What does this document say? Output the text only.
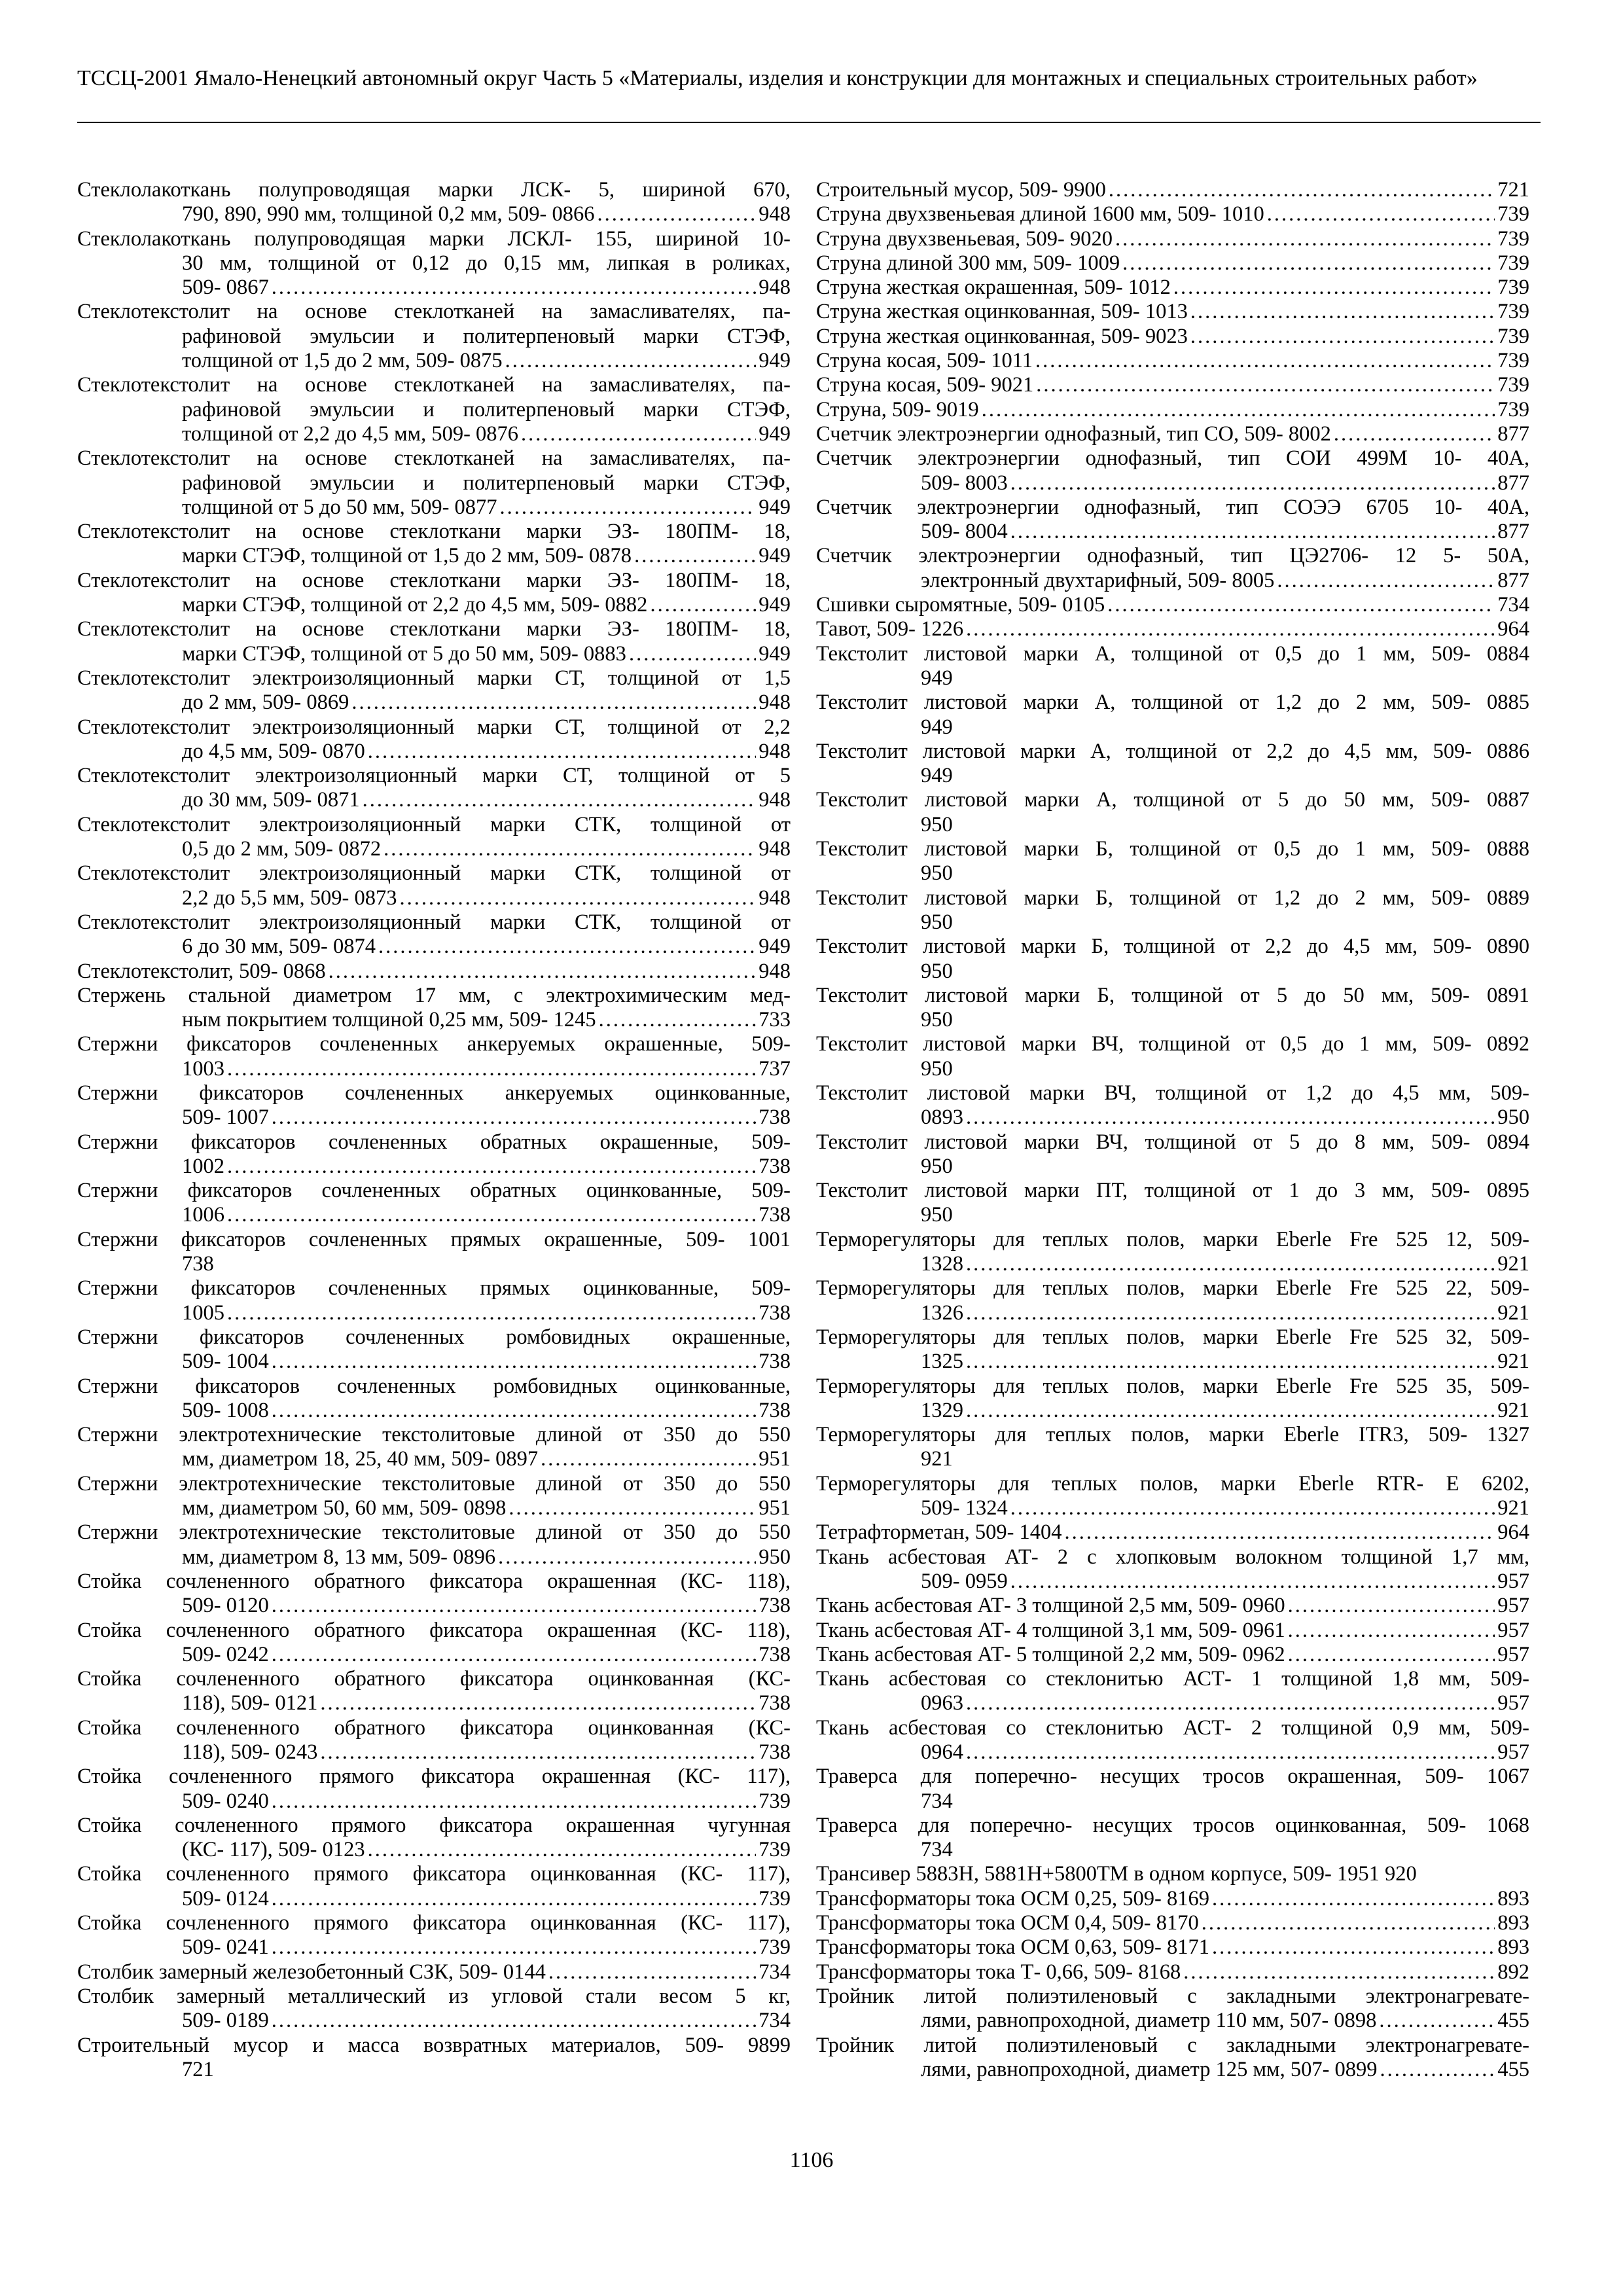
ТССЦ-2001 Ямало-Ненецкий автономный округ Часть 5 «Материалы, изделия и конструкции для монтажных и специальных строительных работ»
Стеклолакоткань полупроводящая марки ЛСК- 5, шириной 670,
790, 890, 990 мм, толщиной 0,2 мм, 509- 0866 .....	948
Стеклолакоткань полупроводящая марки ЛСКЛ- 155, шириной 10-
30 мм, толщиной от 0,12 до 0,15 мм, липкая в роликах,
509- 0867 .....	948
Стеклотекстолит на основе стеклотканей на замасливателях, па-
рафиновой эмульсии и политерпеновый марки СТЭФ,
толщиной от 1,5 до 2 мм, 509- 0875 .....	949
Стеклотекстолит на основе стеклотканей на замасливателях, па-
рафиновой эмульсии и политерпеновый марки СТЭФ,
толщиной от 2,2 до 4,5 мм, 509- 0876 .....	949
Стеклотекстолит на основе стеклотканей на замасливателях, па-
рафиновой эмульсии и политерпеновый марки СТЭФ,
толщиной от 5 до 50 мм, 509- 0877 .....	949
Стеклотекстолит на основе стеклоткани марки ЭЗ- 180ПМ- 18,
марки СТЭФ, толщиной от 1,5 до 2 мм, 509- 0878 .....	949
Стеклотекстолит на основе стеклоткани марки ЭЗ- 180ПМ- 18,
марки СТЭФ, толщиной от 2,2 до 4,5 мм, 509- 0882 .....	949
Стеклотекстолит на основе стеклоткани марки ЭЗ- 180ПМ- 18,
марки СТЭФ, толщиной от 5 до 50 мм, 509- 0883 .....	949
Стеклотекстолит электроизоляционный марки СТ, толщиной от 1,5
до 2 мм, 509- 0869 .....	948
Стеклотекстолит электроизоляционный марки СТ, толщиной от 2,2
до 4,5 мм, 509- 0870 .....	948
Стеклотекстолит электроизоляционный марки СТ, толщиной от 5
до 30 мм, 509- 0871 .....	948
Стеклотекстолит электроизоляционный марки СТК, толщиной от
0,5 до 2 мм, 509- 0872 .....	948
Стеклотекстолит электроизоляционный марки СТК, толщиной от
2,2 до 5,5 мм, 509- 0873 .....	948
Стеклотекстолит электроизоляционный марки СТК, толщиной от
6 до 30 мм, 509- 0874 .....	949
Стеклотекстолит, 509- 0868 .....	948
Стержень стальной диаметром 17 мм, с электрохимическим мед-
ным покрытием толщиной 0,25 мм, 509- 1245 .....	733
Стержни фиксаторов сочлененных анкеруемых окрашенные, 509-
1003 .....	737
Стержни фиксаторов сочлененных анкеруемых оцинкованные,
509- 1007 .....	738
Стержни фиксаторов сочлененных обратных окрашенные, 509-
1002 .....	738
Стержни фиксаторов сочлененных обратных оцинкованные, 509-
1006 .....	738
Стержни фиксаторов сочлененных прямых окрашенные, 509- 1001
738
Стержни фиксаторов сочлененных прямых оцинкованные, 509-
1005 .....	738
Стержни фиксаторов сочлененных ромбовидных окрашенные,
509- 1004 .....	738
Стержни фиксаторов сочлененных ромбовидных оцинкованные,
509- 1008 .....	738
Стержни электротехнические текстолитовые длиной от 350 до 550
мм, диаметром 18, 25, 40 мм, 509- 0897 .....	951
Стержни электротехнические текстолитовые длиной от 350 до 550
мм, диаметром 50, 60 мм, 509- 0898 .....	951
Стержни электротехнические текстолитовые длиной от 350 до 550
мм, диаметром 8, 13 мм, 509- 0896 .....	950
Стойка сочлененного обратного фиксатора окрашенная (КС- 118),
509- 0120 .....	738
Стойка сочлененного обратного фиксатора окрашенная (КС- 118),
509- 0242 .....	738
Стойка сочлененного обратного фиксатора оцинкованная (КС-
118), 509- 0121 .....	738
Стойка сочлененного обратного фиксатора оцинкованная (КС-
118), 509- 0243 .....	738
Стойка сочлененного прямого фиксатора окрашенная (КС- 117),
509- 0240 .....	739
Стойка сочлененного прямого фиксатора окрашенная чугунная
(КС- 117), 509- 0123 .....	739
Стойка сочлененного прямого фиксатора оцинкованная (КС- 117),
509- 0124 .....	739
Стойка сочлененного прямого фиксатора оцинкованная (КС- 117),
509- 0241 .....	739
Столбик замерный железобетонный СЗК, 509- 0144 .....	734
Столбик замерный металлический из угловой стали весом 5 кг,
509- 0189 .....	734
Строительный мусор и масса возвратных материалов, 509- 9899
721
Строительный мусор, 509- 9900 .....	721
Струна двухзвеньевая длиной 1600 мм, 509- 1010 .....	739
Струна двухзвеньевая, 509- 9020 .....	739
Струна длиной 300 мм, 509- 1009 .....	739
Струна жесткая окрашенная, 509- 1012 .....	739
Струна жесткая оцинкованная, 509- 1013 .....	739
Струна жесткая оцинкованная, 509- 9023 .....	739
Струна косая, 509- 1011 .....	739
Струна косая, 509- 9021 .....	739
Струна, 509- 9019 .....	739
Счетчик электроэнергии однофазный, тип СО, 509- 8002 .....	877
Счетчик электроэнергии однофазный, тип СОИ 499М 10- 40А,
509- 8003 .....	877
Счетчик электроэнергии однофазный, тип СОЭЭ 6705 10- 40А,
509- 8004 .....	877
Счетчик электроэнергии однофазный, тип ЦЭ2706- 12 5- 50А,
электронный двухтарифный, 509- 8005 .....	877
Сшивки сыромятные, 509- 0105 .....	734
Тавот, 509- 1226 .....	964
Текстолит листовой марки А, толщиной от 0,5 до 1 мм, 509- 0884
949
Текстолит листовой марки А, толщиной от 1,2 до 2 мм, 509- 0885
949
Текстолит листовой марки А, толщиной от 2,2 до 4,5 мм, 509- 0886
949
Текстолит листовой марки А, толщиной от 5 до 50 мм, 509- 0887
950
Текстолит листовой марки Б, толщиной от 0,5 до 1 мм, 509- 0888
950
Текстолит листовой марки Б, толщиной от 1,2 до 2 мм, 509- 0889
950
Текстолит листовой марки Б, толщиной от 2,2 до 4,5 мм, 509- 0890
950
Текстолит листовой марки Б, толщиной от 5 до 50 мм, 509- 0891
950
Текстолит листовой марки ВЧ, толщиной от 0,5 до 1 мм, 509- 0892
950
Текстолит листовой марки ВЧ, толщиной от 1,2 до 4,5 мм, 509-
0893 .....	950
Текстолит листовой марки ВЧ, толщиной от 5 до 8 мм, 509- 0894
950
Текстолит листовой марки ПТ, толщиной от 1 до 3 мм, 509- 0895
950
Терморегуляторы для теплых полов, марки Eberle Fre 525 12, 509-
1328 .....	921
Терморегуляторы для теплых полов, марки Eberle Fre 525 22, 509-
1326 .....	921
Терморегуляторы для теплых полов, марки Eberle Fre 525 32, 509-
1325 .....	921
Терморегуляторы для теплых полов, марки Eberle Fre 525 35, 509-
1329 .....	921
Терморегуляторы для теплых полов, марки Eberle ITR3, 509- 1327
921
Терморегуляторы для теплых полов, марки Eberle RTR- E 6202,
509- 1324 .....	921
Тетрафторметан, 509- 1404 .....	964
Ткань асбестовая АТ- 2 с хлопковым волокном толщиной 1,7 мм,
509- 0959 .....	957
Ткань асбестовая АТ- 3 толщиной 2,5 мм, 509- 0960 .....	957
Ткань асбестовая АТ- 4 толщиной 3,1 мм, 509- 0961 .....	957
Ткань асбестовая АТ- 5 толщиной 2,2 мм, 509- 0962 .....	957
Ткань асбестовая со стеклонитью АСТ- 1 толщиной 1,8 мм, 509-
0963 .....	957
Ткань асбестовая со стеклонитью АСТ- 2 толщиной 0,9 мм, 509-
0964 .....	957
Траверса для поперечно- несущих тросов окрашенная, 509- 1067
734
Траверса для поперечно- несущих тросов оцинкованная, 509- 1068
734
Трансивер 5883Н, 5881Н+5800ТМ в одном корпусе, 509- 1951 920
Трансформаторы тока ОСМ 0,25, 509- 8169 .....	893
Трансформаторы тока ОСМ 0,4, 509- 8170 .....	893
Трансформаторы тока ОСМ 0,63, 509- 8171 .....	893
Трансформаторы тока Т- 0,66, 509- 8168 .....	892
Тройник литой полиэтиленовый с закладными электронагревате-
лями, равнопроходной, диаметр 110 мм, 507- 0898 .....	455
Тройник литой полиэтиленовый с закладными электронагревате-
лями, равнопроходной, диаметр 125 мм, 507- 0899 .....	455
1106
